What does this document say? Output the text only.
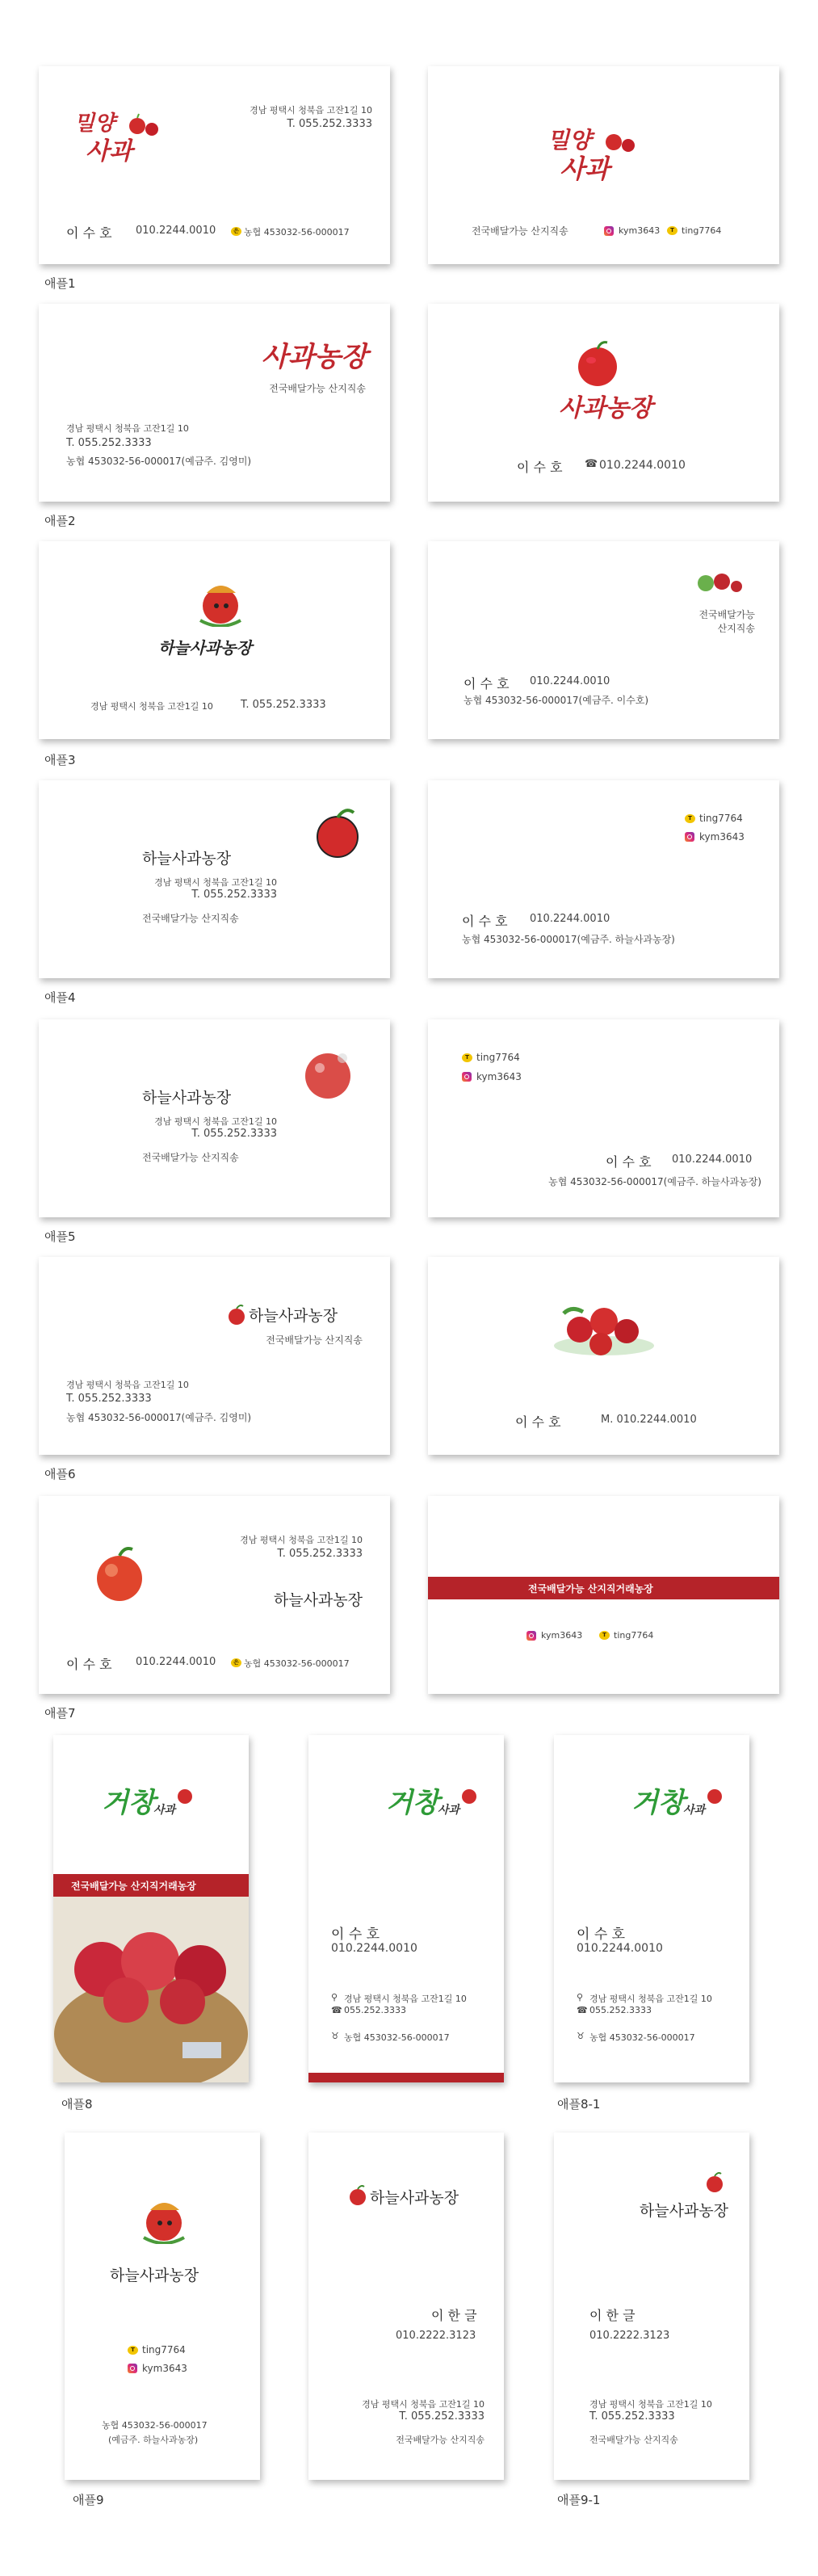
밀양
사과
경남 평택시 청북읍 고잔1길 10
T. 055.252.3333
이 수 호 010.2244.0010	은 농협 453032-56-000017
밀양
사과
전국배달가능 산지직송	kym3643	T ting7764
애플1
사과농장
전국배달가능 산지직송
경남 평택시 청북읍 고잔1길 10
T. 055.252.3333
농협 453032-56-000017(예금주. 김영미)
사과농장
이 수 호 ☎ 010.2244.0010
애플2
하늘사과농장
경남 평택시 청북읍 고잔1길 10	T. 055.252.3333
전국배달가능
산지직송
이 수 호 010.2244.0010
농협 453032-56-000017(예금주. 이수호)
애플3
하늘사과농장
경남 평택시 청북읍 고잔1길 10
T. 055.252.3333
전국배달가능 산지직송
T ting7764
kym3643
이 수 호 010.2244.0010
농협 453032-56-000017(예금주. 하늘사과농장)
애플4
하늘사과농장
경남 평택시 청북읍 고잔1길 10
T. 055.252.3333
전국배달가능 산지직송
T ting7764
kym3643
이 수 호 010.2244.0010
농협 453032-56-000017(예금주. 하늘사과농장)
애플5
하늘사과농장
전국배달가능 산지직송
경남 평택시 청북읍 고잔1길 10
T. 055.252.3333
농협 453032-56-000017(예금주. 김영미)	이 수 호	M. 010.2244.0010
애플6
경남 평택시 청북읍 고잔1길 10
T. 055.252.3333
하늘사과농장
이 수 호 010.2244.0010	은 농협 453032-56-000017
전국배달가능 산지직거래농장
kym3643	T ting7764
애플7
거창
사과
전국배달가능 산지직거래농장
거창
사과
이 수 호
010.2244.0010
⚲ 경남 평택시 청북읍 고잔1길 10
☎ 055.252.3333
♉ 농협 453032-56-000017
거창
사과
이 수 호
010.2244.0010
⚲ 경남 평택시 청북읍 고잔1길 10
☎ 055.252.3333
♉ 농협 453032-56-000017
애플8	애플8-1
하늘사과농장
T ting7764
kym3643
농협 453032-56-000017
(예금주. 하늘사과농장)
하늘사과농장
이 한 글
010.2222.3123
경남 평택시 청북읍 고잔1길 10
T. 055.252.3333
전국배달가능 산지직송
하늘사과농장
이 한 글
010.2222.3123
경남 평택시 청북읍 고잔1길 10
T. 055.252.3333
전국배달가능 산지직송
애플9	애플9-1
